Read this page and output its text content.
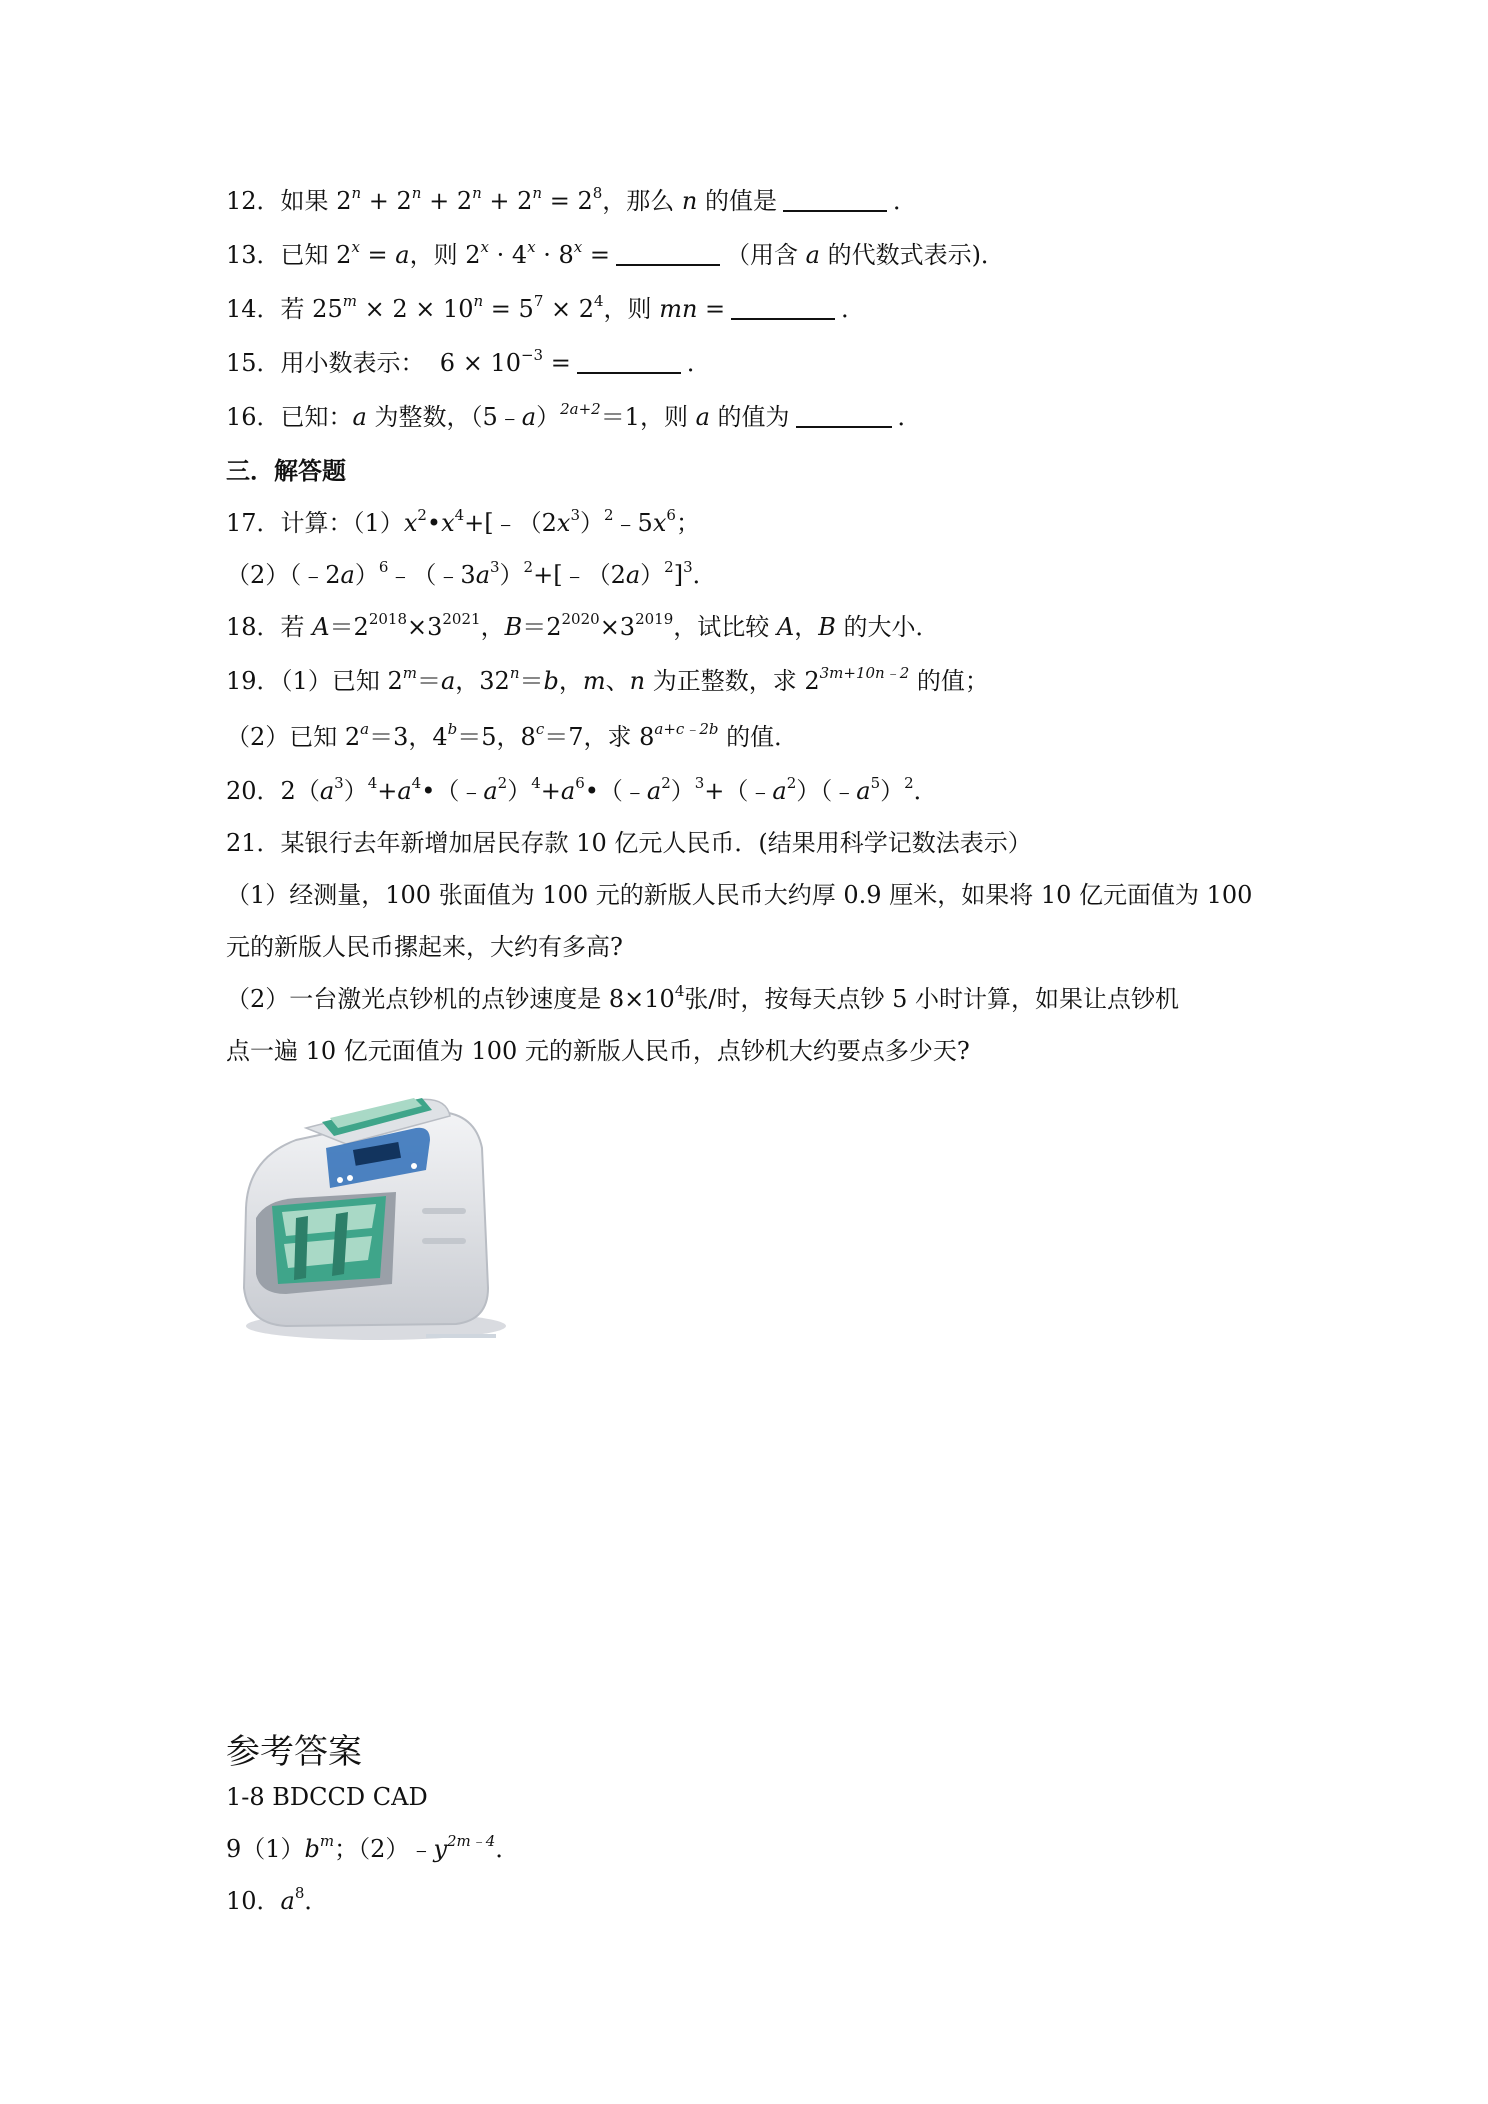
12．如果 $2^n + 2^n + 2^n + 2^n = 2^8$，那么 n 的值是	．
13．已知 $2^x = a$，则 $2^x \cdot 4^x \cdot 8^x$ =	（用含 a 的代数式表示)．
14．若 $25^m \times 2 \times 10^n = 5^7 \times 2^4$，则 mn =	．
15．用小数表示：  $6 \times 10^{-3}$ =	．
16．已知：a 为整数，（5﹣a）$^{2a+2}$＝1，则 a 的值为	．
三．解答题
17．计算：$(1)x^2•x^4+[﹣(2x^3)^2﹣5x^6$；
$(2)(﹣2a)^6﹣(﹣3a^3)^2+[﹣(2a)^2]^3$．
18．若 $A=2^{2018}\times 3^{2021}$，$B=2^{2020}\times 3^{2019}$，试比较 A，B 的大小．
19．（1）已知 $2^m=a$，$32^n=b$，m、n 为正整数，求 $2^{3m+10n﹣2}$ 的值；
（2）已知 $2^a=3$，$4^b=5$，$8^c=7$，求 $8^{a+c﹣2b}$ 的值．
20．$2(a^3)^4+a^4•(﹣a^2)^4+a^6•(﹣a^2)^3+(﹣a^2)(﹣a^5)^2$．
21．某银行去年新增加居民存款 10 亿元人民币．(结果用科学记数法表示）
（1）经测量，100 张面值为 100 元的新版人民币大约厚 0.9 厘米，如果将 10 亿元面值为 100
元的新版人民币摞起来，大约有多高?
（2）一台激光点钞机的点钞速度是 $8\times 10^4$张/时，按每天点钞 5 小时计算，如果让点钞机
点一遍 10 亿元面值为 100 元的新版人民币，点钞机大约要点多少天?
参考答案
1-8 BDCCD CAD
$9(1)b^m$；$(2)﹣y^{2m﹣4}$．
10．$a^8$．
